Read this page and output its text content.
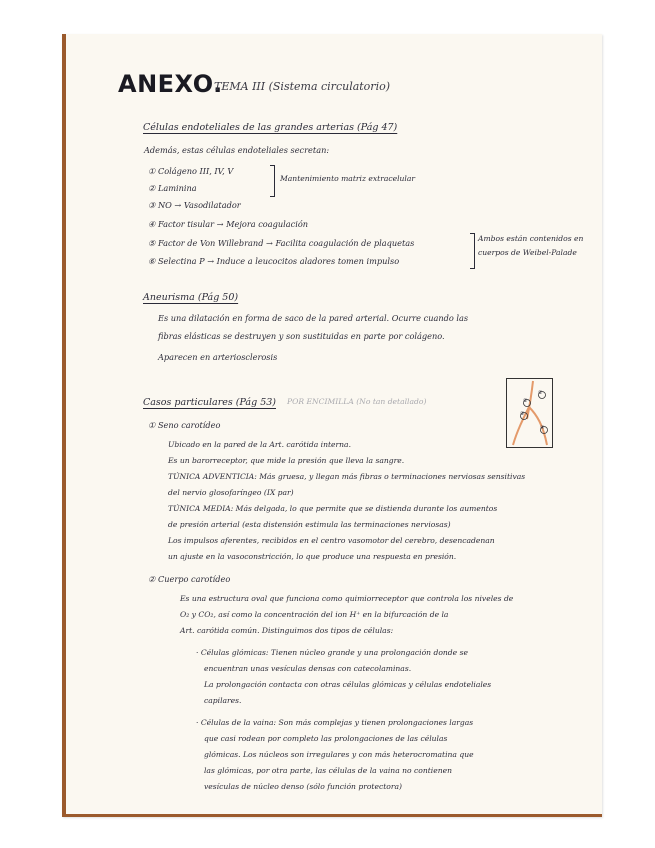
ANEXO.
TEMA III (Sistema circulatorio)
Células endoteliales de las grandes arterias (Pág 47)
Además, estas células endoteliales secretan:
① Colágeno III, IV, V
② Laminina
Mantenimiento matriz extracelular
③ NO → Vasodilatador
④ Factor tisular → Mejora coagulación
⑤ Factor de Von Willebrand → Facilita coagulación de plaquetas
⑥ Selectina P → Induce a leucocitos aladores tomen impulso
Ambos están contenidos en
cuerpos de Weibel-Palade
Aneurisma (Pág 50)
Es una dilatación en forma de saco de la pared arterial. Ocurre cuando las
fibras elásticas se destruyen y son sustituidas en parte por colágeno.
Aparecen en arteriosclerosis
Casos particulares (Pág 53) POR ENCIMILLA (No tan detallado)
①
②
③
④
① Seno carotídeo
Ubicado en la pared de la Art. carótida interna.
Es un barorreceptor, que mide la presión que lleva la sangre.
TÚNICA ADVENTICIA: Más gruesa, y llegan más fibras o terminaciones nerviosas sensitivas
del nervio glosofaríngeo (IX par)
TÚNICA MEDIA: Más delgada, lo que permite que se distienda durante los aumentos
de presión arterial (esta distensión estimula las terminaciones nerviosas)
Los impulsos aferentes, recibidos en el centro vasomotor del cerebro, desencadenan
un ajuste en la vasoconstricción, lo que produce una respuesta en presión.
② Cuerpo carotídeo
Es una estructura oval que funciona como quimiorreceptor que controla los niveles de
O₂ y CO₂, así como la concentración del ion H⁺ en la bifurcación de la
Art. carótida común. Distinguimos dos tipos de células:
· Células glómicas: Tienen núcleo grande y una prolongación donde se
encuentran unas vesículas densas con catecolaminas.
La prolongación contacta con otras células glómicas y células endoteliales
capilares.
· Células de la vaina: Son más complejas y tienen prolongaciones largas
que casi rodean por completo las prolongaciones de las células
glómicas. Los núcleos son irregulares y con más heterocromatina que
las glómicas, por otra parte, las células de la vaina no contienen
vesículas de núcleo denso (sólo función protectora)
